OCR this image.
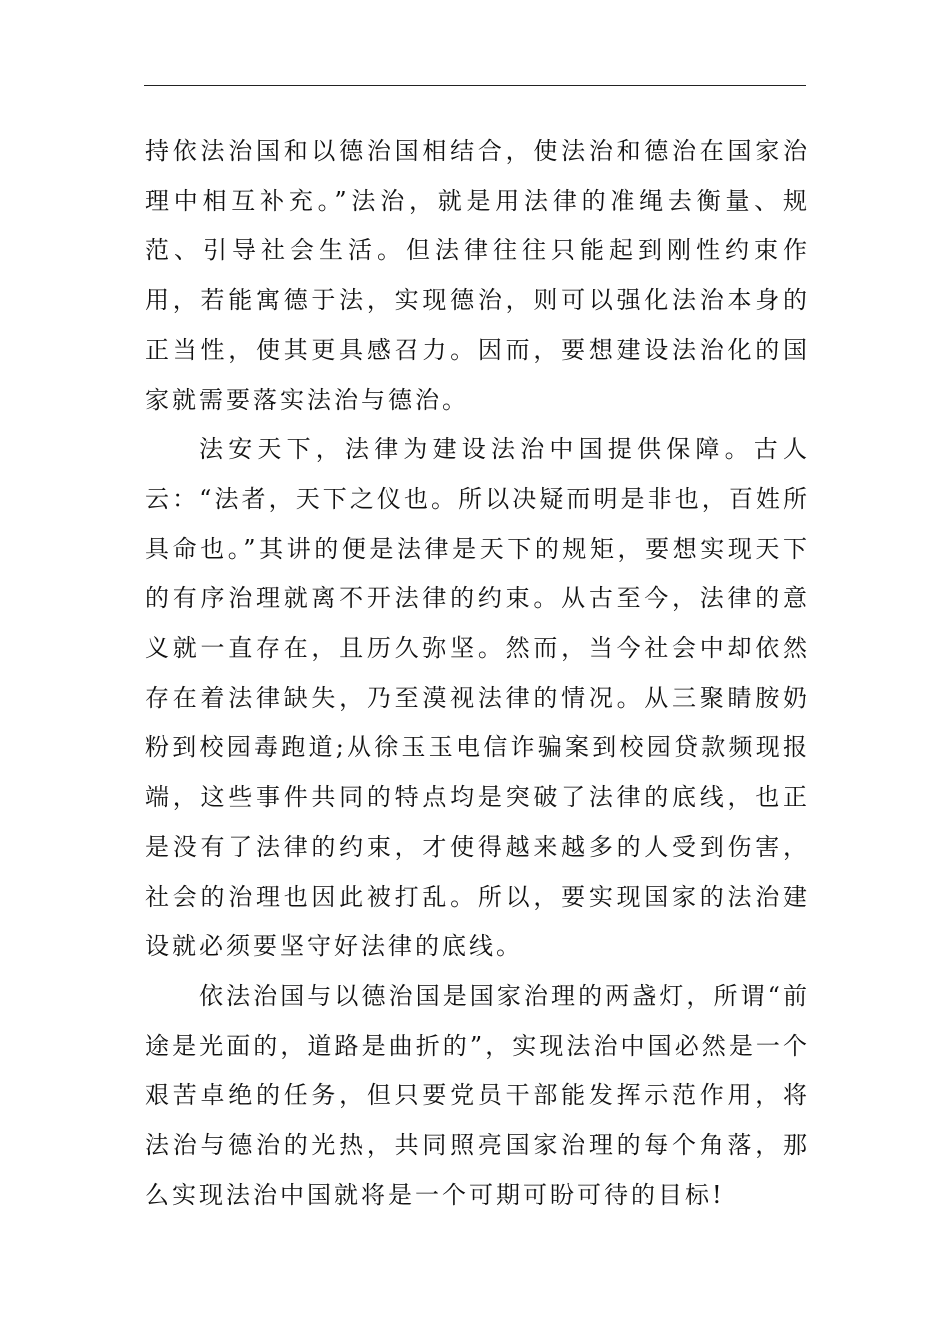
持依法治国和以德治国相结合，使法治和德治在国家治理中相互补充。”法治，就是用法律的准绳去衡量、规范、引导社会生活。但法律往往只能起到刚性约束作用，若能寓德于法，实现德治，则可以强化法治本身的正当性，使其更具感召力。因而，要想建设法治化的国家就需要落实法治与德治。

法安天下，法律为建设法治中国提供保障。古人云：“法者，天下之仪也。所以决疑而明是非也，百姓所具命也。”其讲的便是法律是天下的规矩，要想实现天下的有序治理就离不开法律的约束。从古至今，法律的意义就一直存在，且历久弥坚。然而，当今社会中却依然存在着法律缺失，乃至漠视法律的情况。从三聚睛胺奶粉到校园毒跑道;从徐玉玉电信诈骗案到校园贷款频现报端，这些事件共同的特点均是突破了法律的底线，也正是没有了法律的约束，才使得越来越多的人受到伤害，社会的治理也因此被打乱。所以，要实现国家的法治建设就必须要坚守好法律的底线。

依法治国与以德治国是国家治理的两盏灯，所谓“前途是光面的，道路是曲折的”，实现法治中国必然是一个艰苦卓绝的任务，但只要党员干部能发挥示范作用，将法治与德治的光热，共同照亮国家治理的每个角落，那么实现法治中国就将是一个可期可盼可待的目标!
